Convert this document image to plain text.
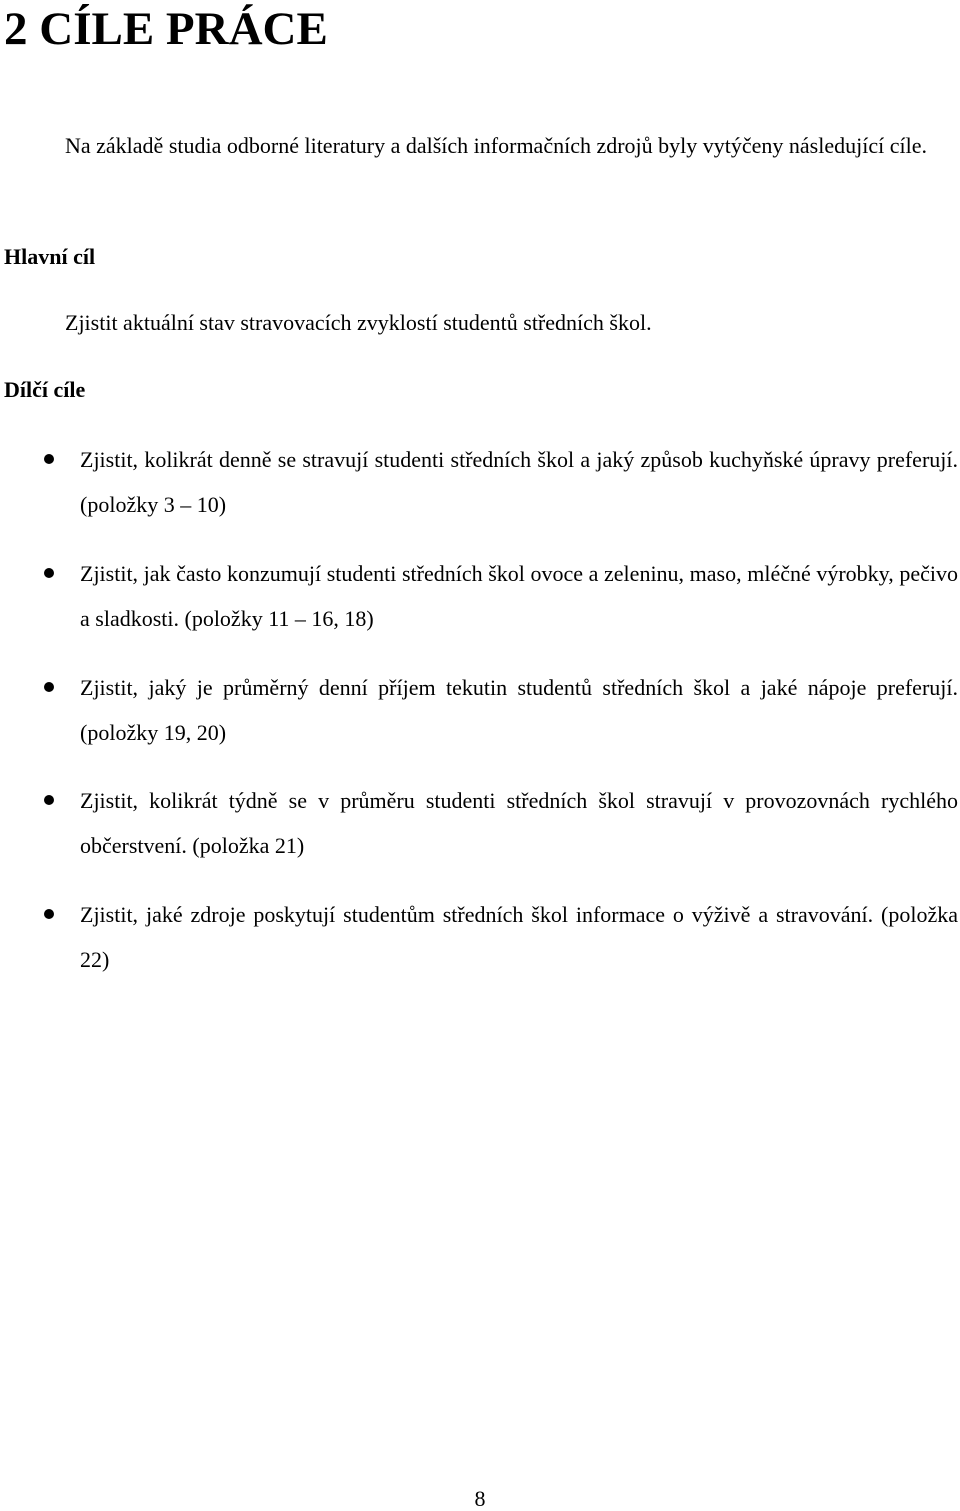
2 CÍLE PRÁCE

Na základě studia odborné literatury a dalších informačních zdrojů byly vytýčeny následující cíle.

Hlavní cíl

Zjistit aktuální stav stravovacích zvyklostí studentů středních škol.

Dílčí cíle

Zjistit, kolikrát denně se stravují studenti středních škol a jaký způsob kuchyňské úpravy preferují. (položky 3 – 10)

Zjistit, jak často konzumují studenti středních škol ovoce a zeleninu, maso, mléčné výrobky, pečivo a sladkosti. (položky 11 – 16, 18)

Zjistit, jaký je průměrný denní příjem tekutin studentů středních škol a jaké nápoje preferují. (položky 19, 20)

Zjistit, kolikrát týdně se v průměru studenti středních škol stravují v provozovnách rychlého občerstvení. (položka 21)

Zjistit, jaké zdroje poskytují studentům středních škol informace o výživě a stravování. (položka 22)

8
